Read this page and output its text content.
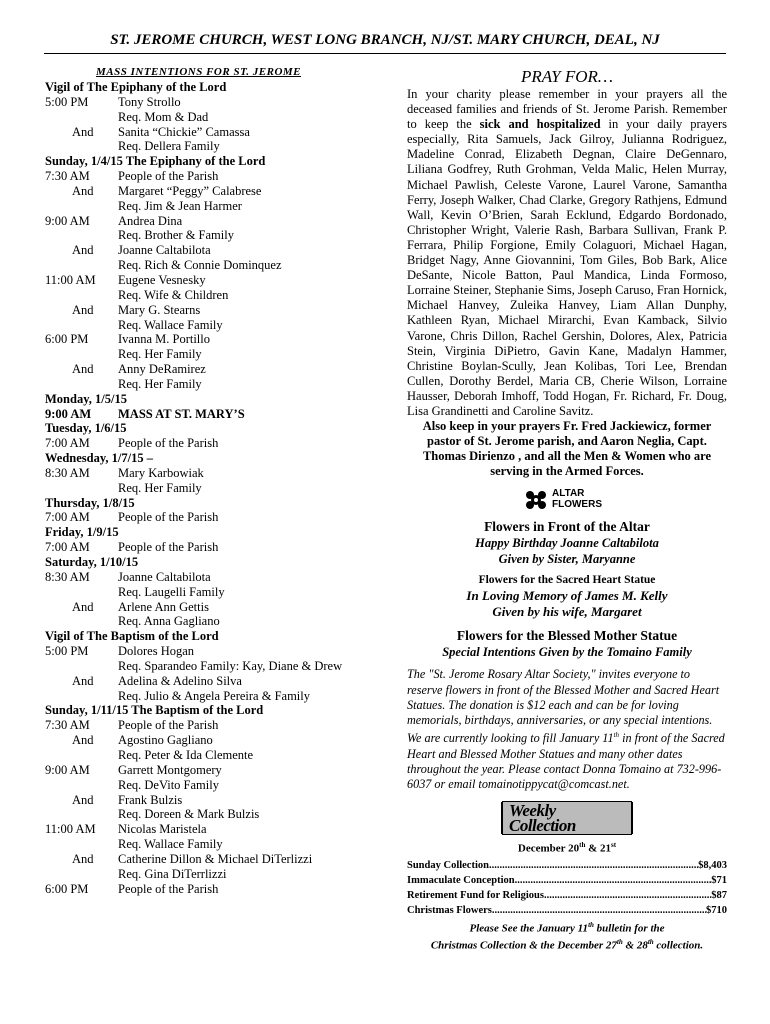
ST. JEROME CHURCH, WEST LONG BRANCH, NJ/ST. MARY CHURCH, DEAL, NJ
MASS INTENTIONS FOR ST. JEROME
Vigil of The Epiphany of the Lord
5:00 PM	Tony Strollo
Req. Mom & Dad
And	Sanita “Chickie” Camassa
Req. Dellera Family
Sunday, 1/4/15 The Epiphany of the Lord
7:30 AM	People of the Parish
And	Margaret “Peggy” Calabrese
Req. Jim & Jean Harmer
9:00 AM	Andrea Dina
Req. Brother & Family
And	Joanne Caltabilota
Req. Rich & Connie Dominquez
11:00 AM	Eugene Vesnesky
Req. Wife & Children
And	Mary G. Stearns
Req. Wallace Family
6:00 PM	Ivanna M. Portillo
Req. Her Family
And	Anny DeRamirez
Req. Her Family
Monday, 1/5/15
9:00 AM	MASS AT ST. MARY’S
Tuesday, 1/6/15
7:00 AM	People of the Parish
Wednesday, 1/7/15 –
8:30 AM	Mary Karbowiak
Req. Her Family
Thursday, 1/8/15
7:00 AM	People of the Parish
Friday, 1/9/15
7:00 AM	People of the Parish
Saturday, 1/10/15
8:30 AM	Joanne Caltabilota
Req. Laugelli Family
And	Arlene Ann Gettis
Req. Anna Gagliano
Vigil of The Baptism of the Lord
5:00 PM	Dolores Hogan
Req. Sparandeo Family: Kay, Diane & Drew
And	Adelina & Adelino Silva
Req. Julio & Angela Pereira & Family
Sunday, 1/11/15 The Baptism of the Lord
7:30 AM	People of the Parish
And	Agostino Gagliano
Req. Peter & Ida Clemente
9:00 AM	Garrett Montgomery
Req. DeVito Family
And	Frank Bulzis
Req. Doreen & Mark Bulzis
11:00 AM	Nicolas Maristela
Req. Wallace Family
And	Catherine Dillon & Michael DiTerlizzi
Req. Gina DiTerrlizzi
6:00 PM	People of the Parish
PRAY FOR…
In your charity please remember in your prayers all the deceased families and friends of St. Jerome Parish. Remember to keep the sick and hospitalized in your daily prayers especially, Rita Samuels, Jack Gilroy, Julianna Rodriguez, Madeline Conrad, Elizabeth Degnan, Claire DeGennaro, Liliana Godfrey, Ruth Grohman, Velda Malic, Helen Murray, Michael Pawlish, Celeste Varone, Laurel Varone, Samantha Ferry, Joseph Walker, Chad Clarke, Gregory Rathjens, Edmund Wall, Kevin O’Brien, Sarah Ecklund, Edgardo Bordonado, Christopher Wright, Valerie Rash, Barbara Sullivan, Frank P. Ferrara, Philip Forgione, Emily Colaguori, Michael Hagan, Bridget Nagy, Anne Giovannini, Tom Giles, Bob Bark, Alice DeSante, Nicole Batton, Paul Mandica, Linda Formoso, Lorraine Steiner, Stephanie Sims, Joseph Caruso, Fran Hornick, Michael Hanvey, Zuleika Hanvey, Liam Allan Dunphy, Kathleen Ryan, Michael Mirarchi, Evan Kamback, Silvio Varone, Chris Dillon, Rachel Gershin, Dolores, Alex, Patricia Stein, Virginia DiPietro, Gavin Kane, Madalyn Hammer, Christine Boylan-Scully, Jean Kolibas, Tori Lee, Brendan Cullen, Dorothy Berdel, Maria CB, Cherie Wilson, Lorraine Hausser, Deborah Imhoff, Todd Hogan, Fr. Richard, Fr. Doug, Lisa Grandinetti and Caroline Savitz.
Also keep in your prayers Fr. Fred Jackiewicz, former pastor of St. Jerome parish, and Aaron Neglia, Capt. Thomas Dirienzo , and all the Men & Women who are serving in the Armed Forces.
ALTAR
FLOWERS
Flowers in Front of the Altar
Happy Birthday Joanne Caltabilota
Given by Sister, Maryanne
Flowers for the Sacred Heart Statue
In Loving Memory of James M. Kelly
Given by his wife, Margaret
Flowers for the Blessed Mother Statue
Special Intentions Given by the Tomaino Family
The "St. Jerome Rosary Altar Society," invites everyone to reserve flowers in front of the Blessed Mother and Sacred Heart Statues. The donation is $12 each and can be for loving memorials, birthdays, anniversaries, or any special intentions. We are currently looking to fill January 11th in front of the Sacred Heart and Blessed Mother Statues and many other dates throughout the year. Please contact Donna Tomaino at 732-996-6037 or email tomainotippycat@comcast.net.
Weekly Collection
December 20th & 21st
Sunday Collection .....	$8,403
Immaculate Conception .....	$71
Retirement Fund for Religious .....	$87
Christmas Flowers .....	$710
Please See the January 11th bulletin for the
Christmas Collection & the December 27th & 28th collection.
